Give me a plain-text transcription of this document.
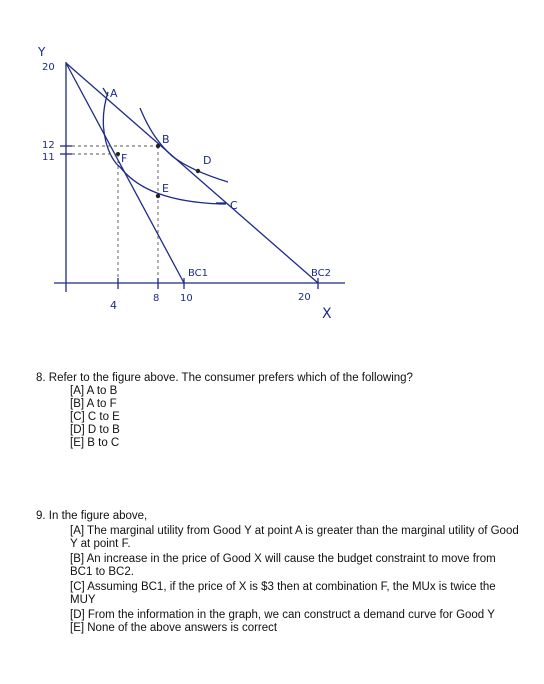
Y
X
20
12
11
4
8 10	20
A
B
C
D
E
F
BC1	BC2
8. Refer to the figure above. The consumer prefers which of the following?
[A] A to B
[B] A to F
[C] C to E
[D] D to B
[E] B to C
9. In the figure above,
[A] The marginal utility from Good Y at point A is greater than the marginal utility of Good Y at point F.
[B] An increase in the price of Good X will cause the budget constraint to move from BC1 to BC2.
[C] Assuming BC1, if the price of X is $3 then at combination F, the MUx is twice the MUY
[D] From the information in the graph, we can construct a demand curve for Good Y
[E] None of the above answers is correct
